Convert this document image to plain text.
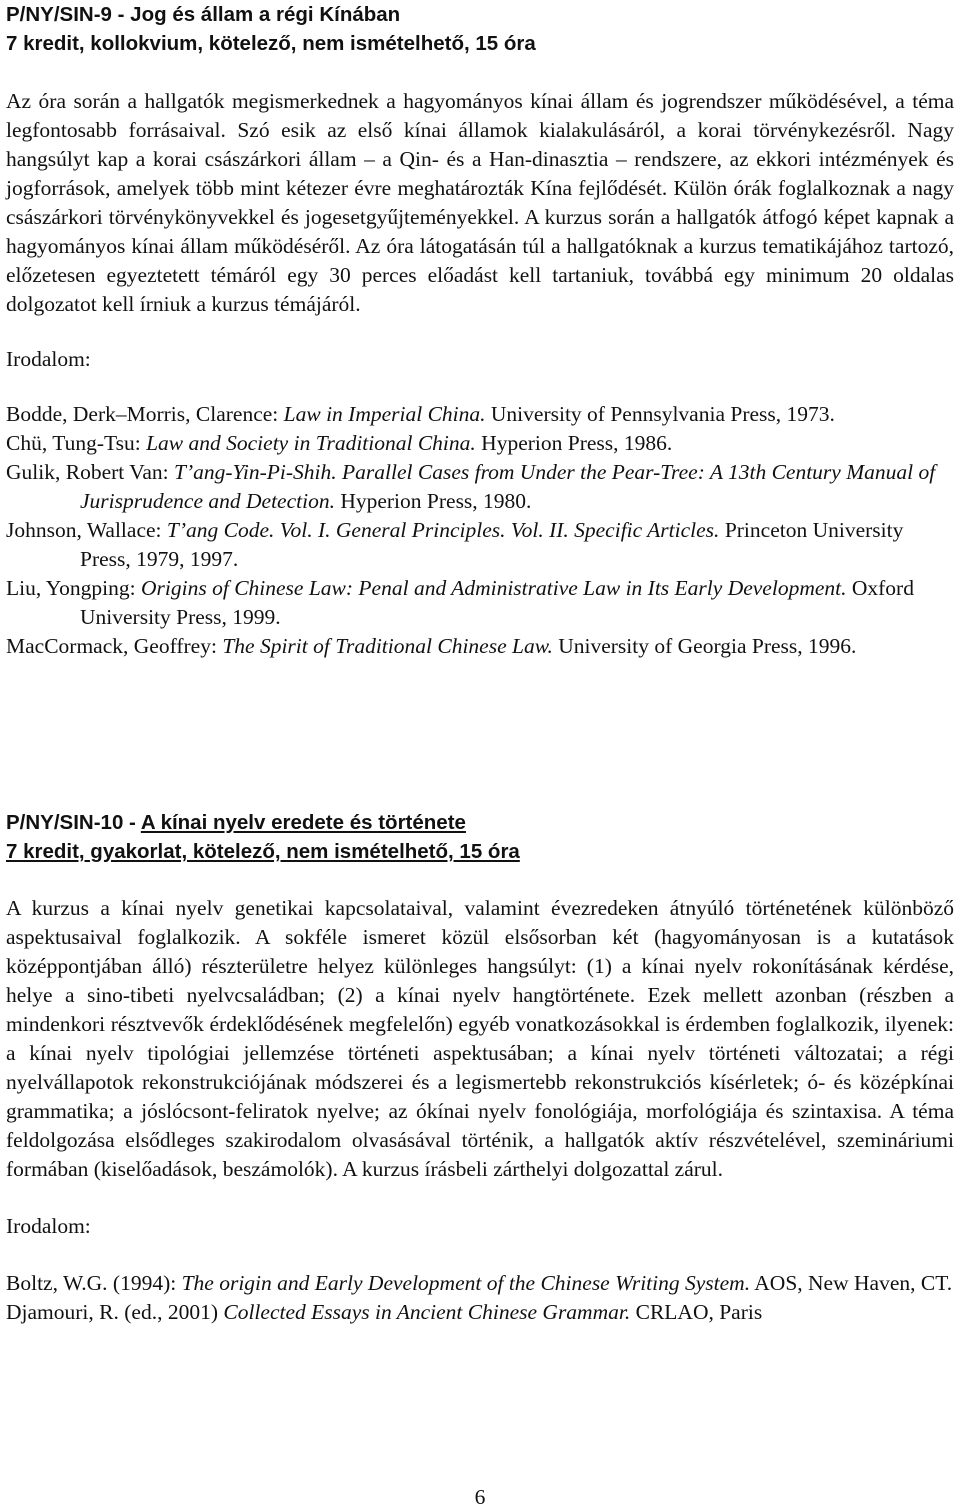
P/NY/SIN-9 - Jog és állam a régi Kínában

7 kredit, kollokvium, kötelező, nem ismételhető, 15 óra

Az óra során a hallgatók megismerkednek a hagyományos kínai állam és jogrendszer működésével, a téma legfontosabb forrásaival. Szó esik az első kínai államok kialakulásáról, a korai törvénykezésről. Nagy hangsúlyt kap a korai császárkori állam – a Qin- és a Han-dinasztia – rendszere, az ekkori intézmények és jogforrások, amelyek több mint kétezer évre meghatározták Kína fejlődését. Külön órák foglalkoznak a nagy császárkori törvénykönyvekkel és jogesetgyűjteményekkel. A kurzus során a hallgatók átfogó képet kapnak a hagyományos kínai állam működéséről. Az óra látogatásán túl a hallgatóknak a kurzus tematikájához tartozó, előzetesen egyeztetett témáról egy 30 perces előadást kell tartaniuk, továbbá egy minimum 20 oldalas dolgozatot kell írniuk a kurzus témájáról.

Irodalom:

Bodde, Derk–Morris, Clarence: Law in Imperial China. University of Pennsylvania Press, 1973.
Chü, Tung-Tsu: Law and Society in Traditional China. Hyperion Press, 1986.
Gulik, Robert Van: T’ang-Yin-Pi-Shih. Parallel Cases from Under the Pear-Tree: A 13th Century Manual of Jurisprudence and Detection. Hyperion Press, 1980.
Johnson, Wallace: T’ang Code. Vol. I. General Principles. Vol. II. Specific Articles. Princeton University Press, 1979, 1997.
Liu, Yongping: Origins of Chinese Law: Penal and Administrative Law in Its Early Development. Oxford University Press, 1999.
MacCormack, Geoffrey: The Spirit of Traditional Chinese Law. University of Georgia Press, 1996.

P/NY/SIN-10 - A kínai nyelv eredete és története

7 kredit, gyakorlat, kötelező, nem ismételhető, 15 óra

A kurzus a kínai nyelv genetikai kapcsolataival, valamint évezredeken átnyúló történetének különböző aspektusaival foglalkozik. A sokféle ismeret közül elsősorban két (hagyományosan is a kutatások középpontjában álló) részterületre helyez különleges hangsúlyt: (1) a kínai nyelv rokonításának kérdése, helye a sino-tibeti nyelvcsaládban; (2) a kínai nyelv hangtörténete. Ezek mellett azonban (részben a mindenkori résztvevők érdeklődésének megfelelőn) egyéb vonatkozásokkal is érdemben foglalkozik, ilyenek: a kínai nyelv tipológiai jellemzése történeti aspektusában; a kínai nyelv történeti változatai; a régi nyelvállapotok rekonstrukciójának módszerei és a legismertebb rekonstrukciós kísérletek; ó- és középkínai grammatika; a jóslócsont-feliratok nyelve; az ókínai nyelv fonológiája, morfológiája és szintaxisa. A téma feldolgozása elsődleges szakirodalom olvasásával történik, a hallgatók aktív részvételével, szemináriumi formában (kiselőadások, beszámolók). A kurzus írásbeli zárthelyi dolgozattal zárul.

Irodalom:

Boltz, W.G. (1994): The origin and Early Development of the Chinese Writing System. AOS, New Haven, CT.
Djamouri, R. (ed., 2001) Collected Essays in Ancient Chinese Grammar. CRLAO, Paris
6
